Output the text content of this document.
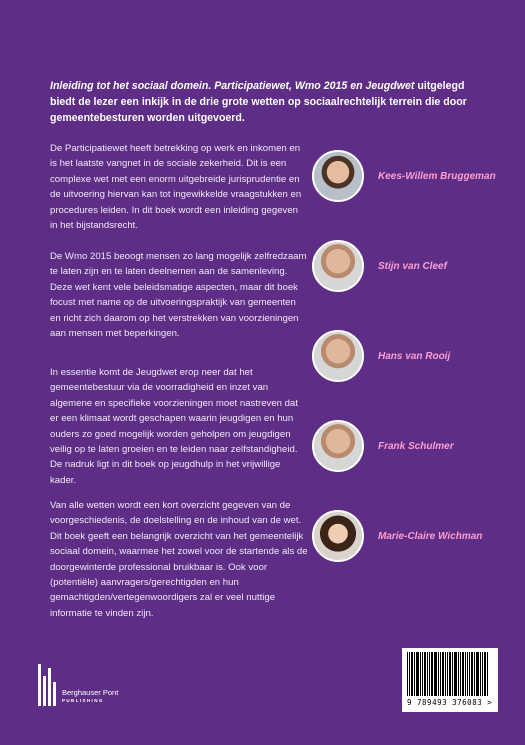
Inleiding tot het sociaal domein. Participatiewet, Wmo 2015 en Jeugdwet uitgelegd biedt de lezer een inkijk in de drie grote wetten op sociaalrechtelijk terrein die door gemeentebesturen worden uitgevoerd.

De Participatiewet heeft betrekking op werk en inkomen en is het laatste vangnet in de sociale zekerheid. Dit is een complexe wet met een enorm uitgebreide jurisprudentie en de uitvoering hiervan kan tot ingewikkelde vraagstukken en procedures leiden. In dit boek wordt een inleiding gegeven in het bijstandsrecht.

De Wmo 2015 beoogt mensen zo lang mogelijk zelfredzaam te laten zijn en te laten deelnemen aan de samenleving. Deze wet kent vele beleidsmatige aspecten, maar dit boek focust met name op de uitvoeringspraktijk van gemeenten en richt zich daarom op het verstrekken van voorzieningen aan mensen met beperkingen.

In essentie komt de Jeugdwet erop neer dat het gemeentebestuur via de voorradigheid en inzet van algemene en specifieke voorzieningen moet nastreven dat er een klimaat wordt geschapen waarin jeugdigen en hun ouders zo goed mogelijk worden geholpen om jeugdigen veilig op te laten groeien en te leiden naar zelfstandigheid. De nadruk ligt in dit boek op jeugdhulp in het vrijwillige kader.

Van alle wetten wordt een kort overzicht gegeven van de voorgeschiedenis, de doelstelling en de inhoud van de wet. Dit boek geeft een belangrijk overzicht van het gemeentelijk sociaal domein, waarmee het zowel voor de startende als de doorgewinterde professional bruikbaar is. Ook voor (potentiële) aanvragers/gerechtigden en hun gemachtigden/vertegenwoordigers zal er veel nuttige informatie te vinden zijn.

Kees-Willem Bruggeman
Stijn van Cleef
Hans van Rooij
Frank Schulmer
Marie-Claire Wichman
Berghauser Pont
PUBLISHING	9 789493 376083 >
